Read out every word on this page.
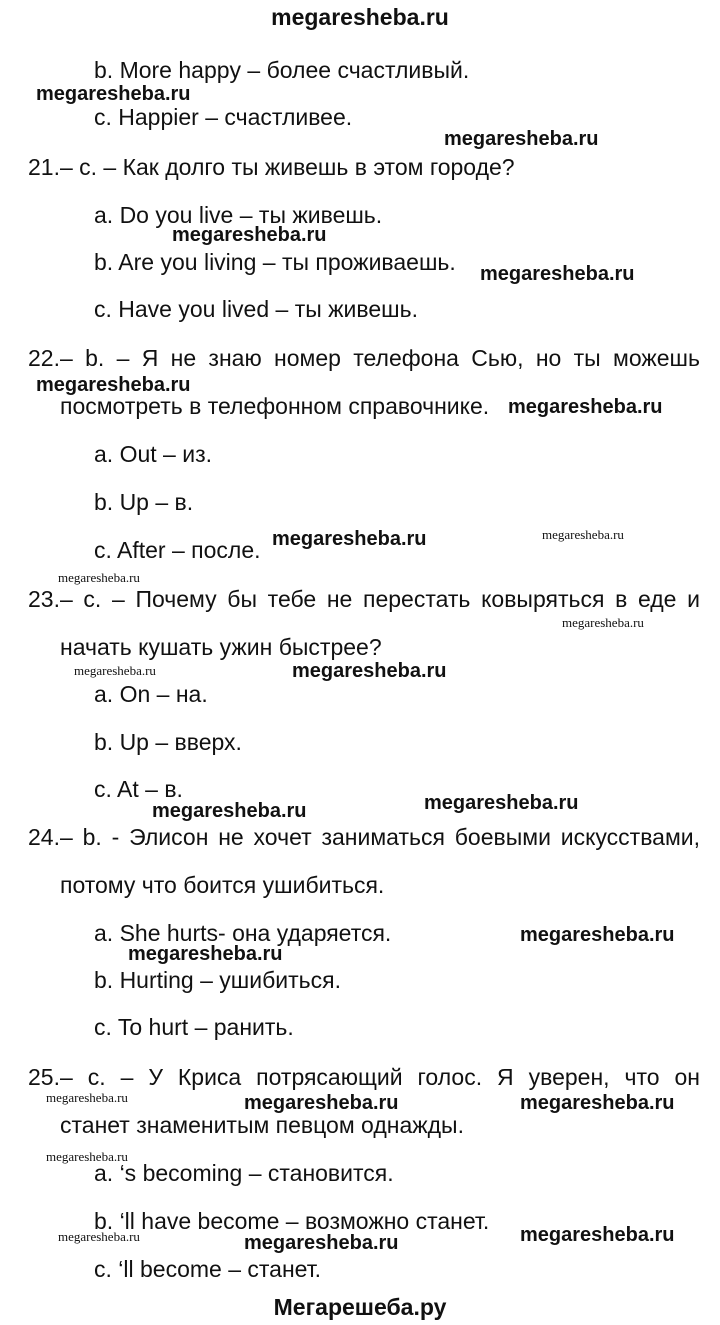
megaresheba.ru
b. More happy – более счастливый.
c. Happier – счастливее.
21.– c. – Как долго ты живешь в этом городе?
a. Do you live – ты живешь.
b. Are you living – ты проживаешь.
c. Have you lived – ты живешь.
22.– b. – Я не знаю номер телефона Сью, но ты можешь
посмотреть в телефонном справочнике.
a. Out – из.
b. Up – в.
c. After – после.
23.– c. – Почему бы тебе не перестать ковыряться в еде и
начать кушать ужин быстрее?
a. On – на.
b. Up – вверх.
c. At – в.
24.– b. - Элисон не хочет заниматься боевыми искусствами,
потому что боится ушибиться.
a. She hurts- она ударяется.
b. Hurting – ушибиться.
c. To hurt – ранить.
25.– c. – У Криса потрясающий голос. Я уверен, что он
станет знаменитым певцом однажды.
a. ‘s becoming – становится.
b. ‘ll have become – возможно станет.
c. ‘ll become – станет.
megaresheba.ru
megaresheba.ru
megaresheba.ru
megaresheba.ru
megaresheba.ru
megaresheba.ru
megaresheba.ru
megaresheba.ru
megaresheba.ru	megaresheba.ru
megaresheba.ru
megaresheba.ru
megaresheba.ru	megaresheba.ru
megaresheba.ru	megaresheba.ru
megaresheba.ru
megaresheba.ru
megaresheba.ru
megaresheba.ru
megaresheba.ru
megaresheba.ru
megaresheba.ru
Мегарешеба.ру
